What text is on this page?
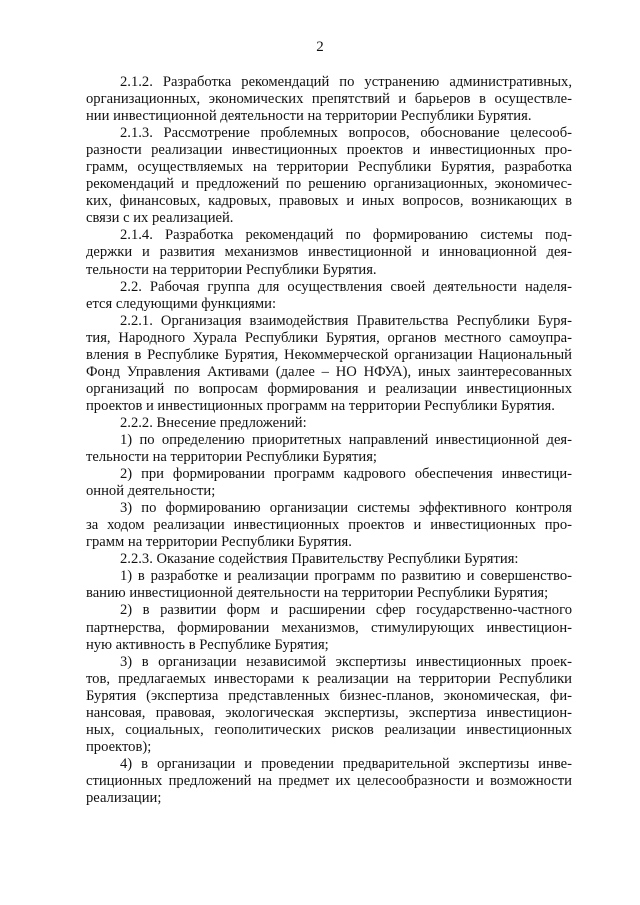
2

2.1.2. Разработка рекомендаций по устранению административных,
организационных, экономических препятствий и барьеров в осуществле-
нии инвестиционной деятельности на территории Республики Бурятия.

2.1.3. Рассмотрение проблемных вопросов, обоснование целесооб-
разности реализации инвестиционных проектов и инвестиционных про-
грамм, осуществляемых на территории Республики Бурятия, разработка
рекомендаций и предложений по решению организационных, экономичес-
ких, финансовых, кадровых, правовых и иных вопросов, возникающих в
связи с их реализацией.

2.1.4. Разработка рекомендаций по формированию системы под-
держки и развития механизмов инвестиционной и инновационной дея-
тельности на территории Республики Бурятия.

2.2. Рабочая группа для осуществления своей деятельности наделя-
ется следующими функциями:

2.2.1. Организация взаимодействия Правительства Республики Буря-
тия, Народного Хурала Республики Бурятия, органов местного самоупра-
вления в Республике Бурятия, Некоммерческой организации Национальный
Фонд Управления Активами (далее – НО НФУА), иных заинтересованных
организаций по вопросам формирования и реализации инвестиционных
проектов и инвестиционных программ на территории Республики Бурятия.

2.2.2. Внесение предложений:

1) по определению приоритетных направлений инвестиционной дея-
тельности на территории Республики Бурятия;

2) при формировании программ кадрового обеспечения инвестици-
онной деятельности;

3) по формированию организации системы эффективного контроля
за ходом реализации инвестиционных проектов и инвестиционных про-
грамм на территории Республики Бурятия.

2.2.3. Оказание содействия Правительству Республики Бурятия:

1) в разработке и реализации программ по развитию и совершенство-
ванию инвестиционной деятельности на территории Республики Бурятия;

2) в развитии форм и расширении сфер государственно-частного
партнерства, формировании механизмов, стимулирующих инвестицион-
ную активность в Республике Бурятия;

3) в организации независимой экспертизы инвестиционных проек-
тов, предлагаемых инвесторами к реализации на территории Республики
Бурятия (экспертиза представленных бизнес-планов, экономическая, фи-
нансовая, правовая, экологическая экспертизы, экспертиза инвестицион-
ных, социальных, геополитических рисков реализации инвестиционных
проектов);

4) в организации и проведении предварительной экспертизы инве-
стиционных предложений на предмет их целесообразности и возможности
реализации;
